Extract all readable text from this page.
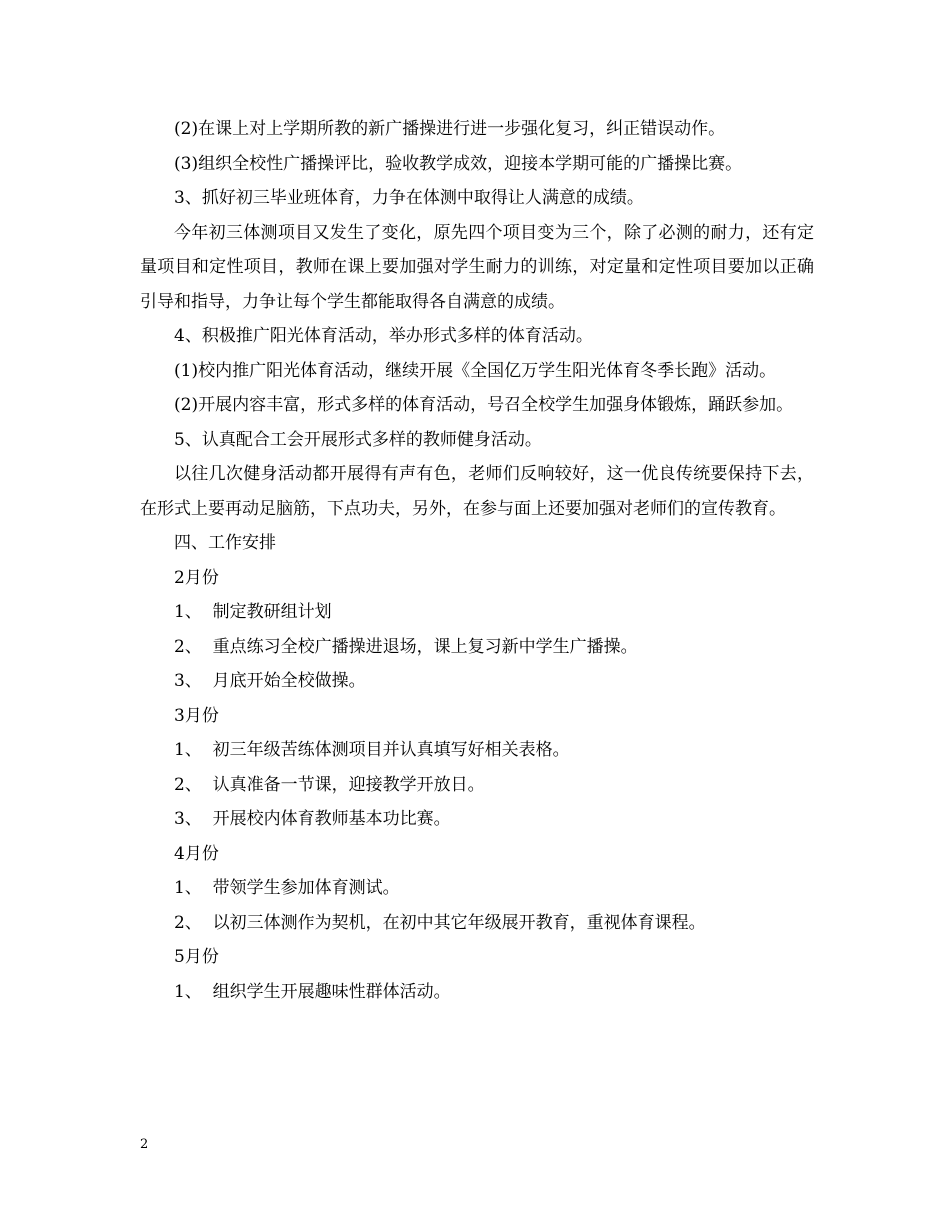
(2)在课上对上学期所教的新广播操进行进一步强化复习，纠正错误动作。

(3)组织全校性广播操评比，验收教学成效，迎接本学期可能的广播操比赛。

3、抓好初三毕业班体育，力争在体测中取得让人满意的成绩。

今年初三体测项目又发生了变化，原先四个项目变为三个，除了必测的耐力，还有定量项目和定性项目，教师在课上要加强对学生耐力的训练，对定量和定性项目要加以正确引导和指导，力争让每个学生都能取得各自满意的成绩。

4、积极推广阳光体育活动，举办形式多样的体育活动。

(1)校内推广阳光体育活动，继续开展《全国亿万学生阳光体育冬季长跑》活动。

(2)开展内容丰富，形式多样的体育活动，号召全校学生加强身体锻炼，踊跃参加。

5、认真配合工会开展形式多样的教师健身活动。

以往几次健身活动都开展得有声有色，老师们反响较好，这一优良传统要保持下去，在形式上要再动足脑筋，下点功夫，另外，在参与面上还要加强对老师们的宣传教育。

四、工作安排

2月份

1、  制定教研组计划

2、  重点练习全校广播操进退场，课上复习新中学生广播操。

3、  月底开始全校做操。

3月份

1、  初三年级苦练体测项目并认真填写好相关表格。

2、  认真准备一节课，迎接教学开放日。

3、  开展校内体育教师基本功比赛。

4月份

1、  带领学生参加体育测试。

2、  以初三体测作为契机，在初中其它年级展开教育，重视体育课程。

5月份

1、  组织学生开展趣味性群体活动。

2
